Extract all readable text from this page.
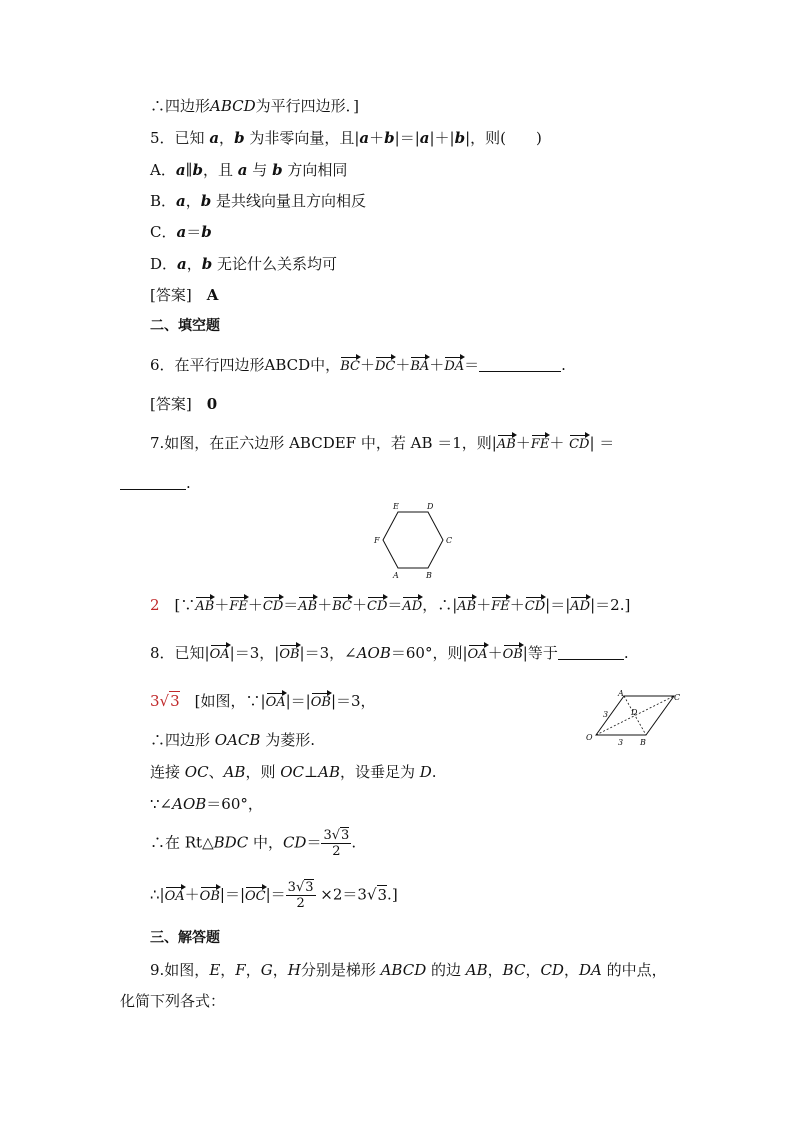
∴四边形ABCD为平行四边形．]
5．已知 a，b 为非零向量，且|a＋b|＝|a|＋|b|，则(　　)
A．a∥b，且 a 与 b 方向相同
B．a，b 是共线向量且方向相反
C．a＝b
D．a，b 无论什么关系均可
[答案]　 A
二、填空题
6．在平行四边形ABCD中，BC＋DC＋BA＋DA＝	.
[答案]　 0
7.如图，在正六边形 ABCDEF 中，若 AB ＝1，则|AB＋FE＋ CD| ＝
.
E	D
F	C
A	B
2　[∵AB＋FE＋CD＝AB＋BC＋CD＝AD，∴|AB＋FE＋CD|＝|AD|＝2.]
8．已知|OA|＝3，|OB|＝3，∠AOB＝60°，则|OA＋OB|等于	.
3√3　[如图，∵|OA|＝|OB|＝3，	A	C
D
O
B
3
3
∴四边形 OACB 为菱形.
连接 OC、AB，则 OC⊥AB，设垂足为 D.
∵∠AOB＝60°，
∴在 Rt△BDC 中，$CD= \frac{3√3}{2}$ .
∴|OA＋OB|＝|OC|＝ $\frac{3√3}{2} \times 2=3√3$.]
三、解答题
9.如图，E，F，G，H分别是梯形 ABCD 的边 AB，BC，CD，DA 的中点，
化简下列各式：
